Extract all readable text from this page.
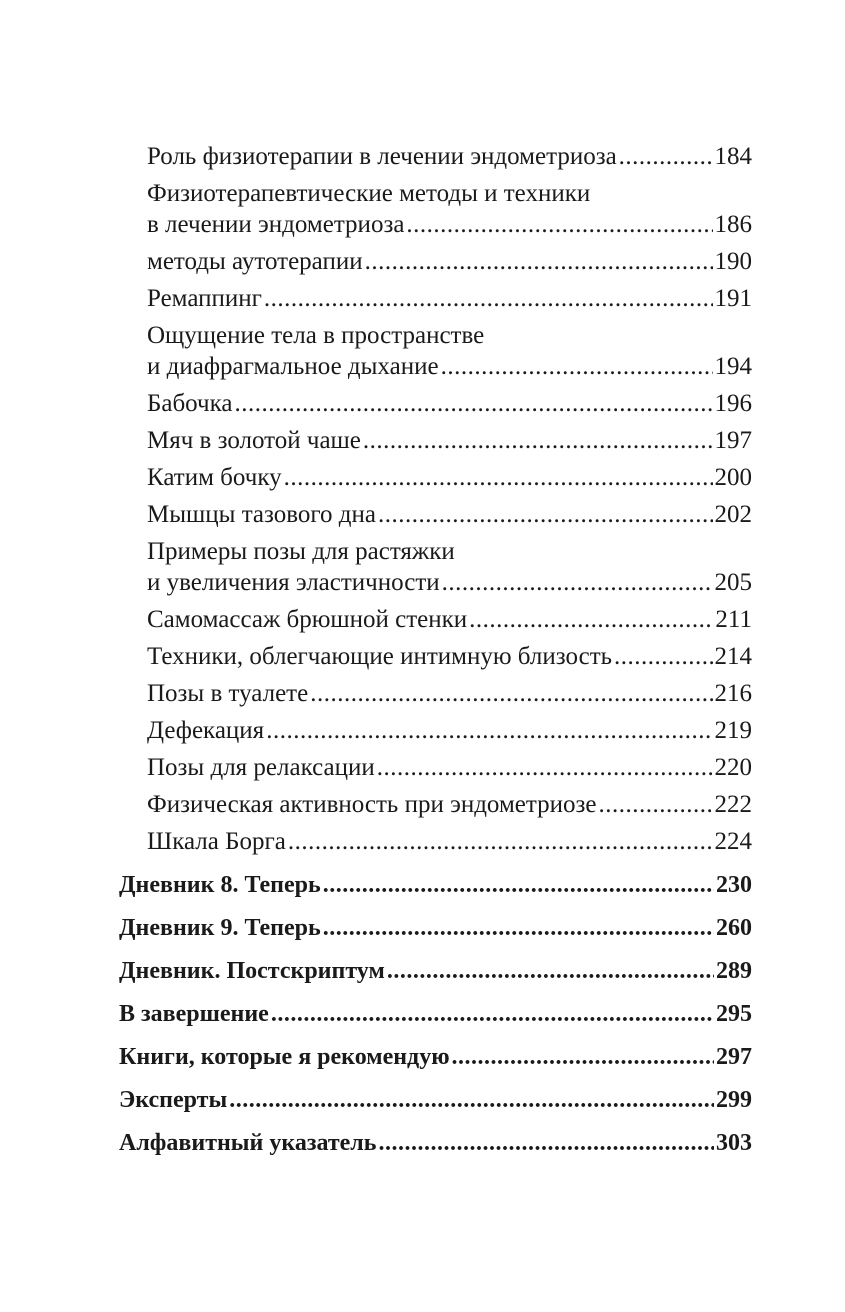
Роль физиотерапии в лечении эндометриоза .....	184
Физиотерапевтические методы и техники
в лечении эндометриоза .....	186
методы аутотерапии .....	190
Ремаппинг .....	191
Ощущение тела в пространстве
и диафрагмальное дыхание .....	194
Бабочка .....	196
Мяч в золотой чаше .....	197
Катим бочку .....	200
Мышцы тазового дна .....	202
Примеры позы для растяжки
и увеличения эластичности .....	205
Самомассаж брюшной стенки .....	211
Техники, облегчающие интимную близость .....	214
Позы в туалете .....	216
Дефекация .....	219
Позы для релаксации .....	220
Физическая активность при эндометриозе .....	222
Шкала Борга .....	224
Дневник 8. Теперь .....	230
Дневник 9. Теперь .....	260
Дневник. Постскриптум .....	289
В завершение .....	295
Книги, которые я рекомендую .....	297
Эксперты .....	299
Алфавитный указатель .....	303
